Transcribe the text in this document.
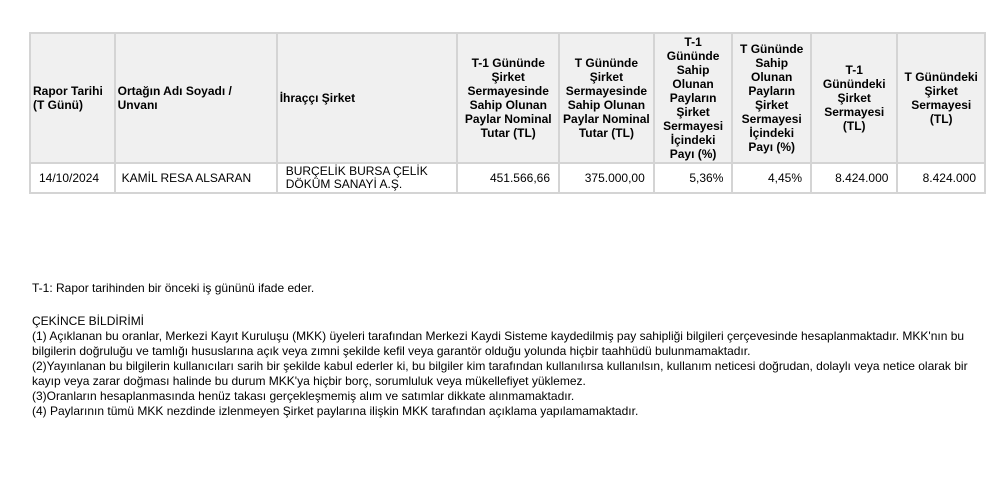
Rapor Tarihi (T Günü)	Ortağın Adı Soyadı / Unvanı	İhraççı Şirket	T-1 Gününde Şirket Sermayesinde Sahip Olunan Paylar Nominal Tutar (TL)	T Gününde Şirket Sermayesinde Sahip Olunan Paylar Nominal Tutar (TL)	T-1 Gününde Sahip Olunan Payların Şirket Sermayesi İçindeki Payı (%)	T Gününde Sahip Olunan Payların Şirket Sermayesi İçindeki Payı (%)	T-1 Günündeki Şirket Sermayesi (TL)	T Günündeki Şirket Sermayesi (TL)
14/10/2024	KAMİL RESA ALSARAN	BURÇELİK BURSA ÇELİK DÖKÜM SANAYİ A.Ş.	451.566,66	375.000,00	5,36%	4,45%	8.424.000	8.424.000
T-1: Rapor tarihinden bir önceki iş gününü ifade eder.
ÇEKİNCE BİLDİRİMİ
(1) Açıklanan bu oranlar, Merkezi Kayıt Kuruluşu (MKK) üyeleri tarafından Merkezi Kaydi Sisteme kaydedilmiş pay sahipliği bilgileri çerçevesinde hesaplanmaktadır. MKK'nın bu bilgilerin doğruluğu ve tamlığı hususlarına açık veya zımni şekilde kefil veya garantör olduğu yolunda hiçbir taahhüdü bulunmamaktadır.
(2)Yayınlanan bu bilgilerin kullanıcıları sarih bir şekilde kabul ederler ki, bu bilgiler kim tarafından kullanılırsa kullanılsın, kullanım neticesi doğrudan, dolaylı veya netice olarak bir kayıp veya zarar doğması halinde bu durum MKK'ya hiçbir borç, sorumluluk veya mükellefiyet yüklemez.
(3)Oranların hesaplanmasında henüz takası gerçekleşmemiş alım ve satımlar dikkate alınmamaktadır.
(4) Paylarının tümü MKK nezdinde izlenmeyen Şirket paylarına ilişkin MKK tarafından açıklama yapılamamaktadır.
